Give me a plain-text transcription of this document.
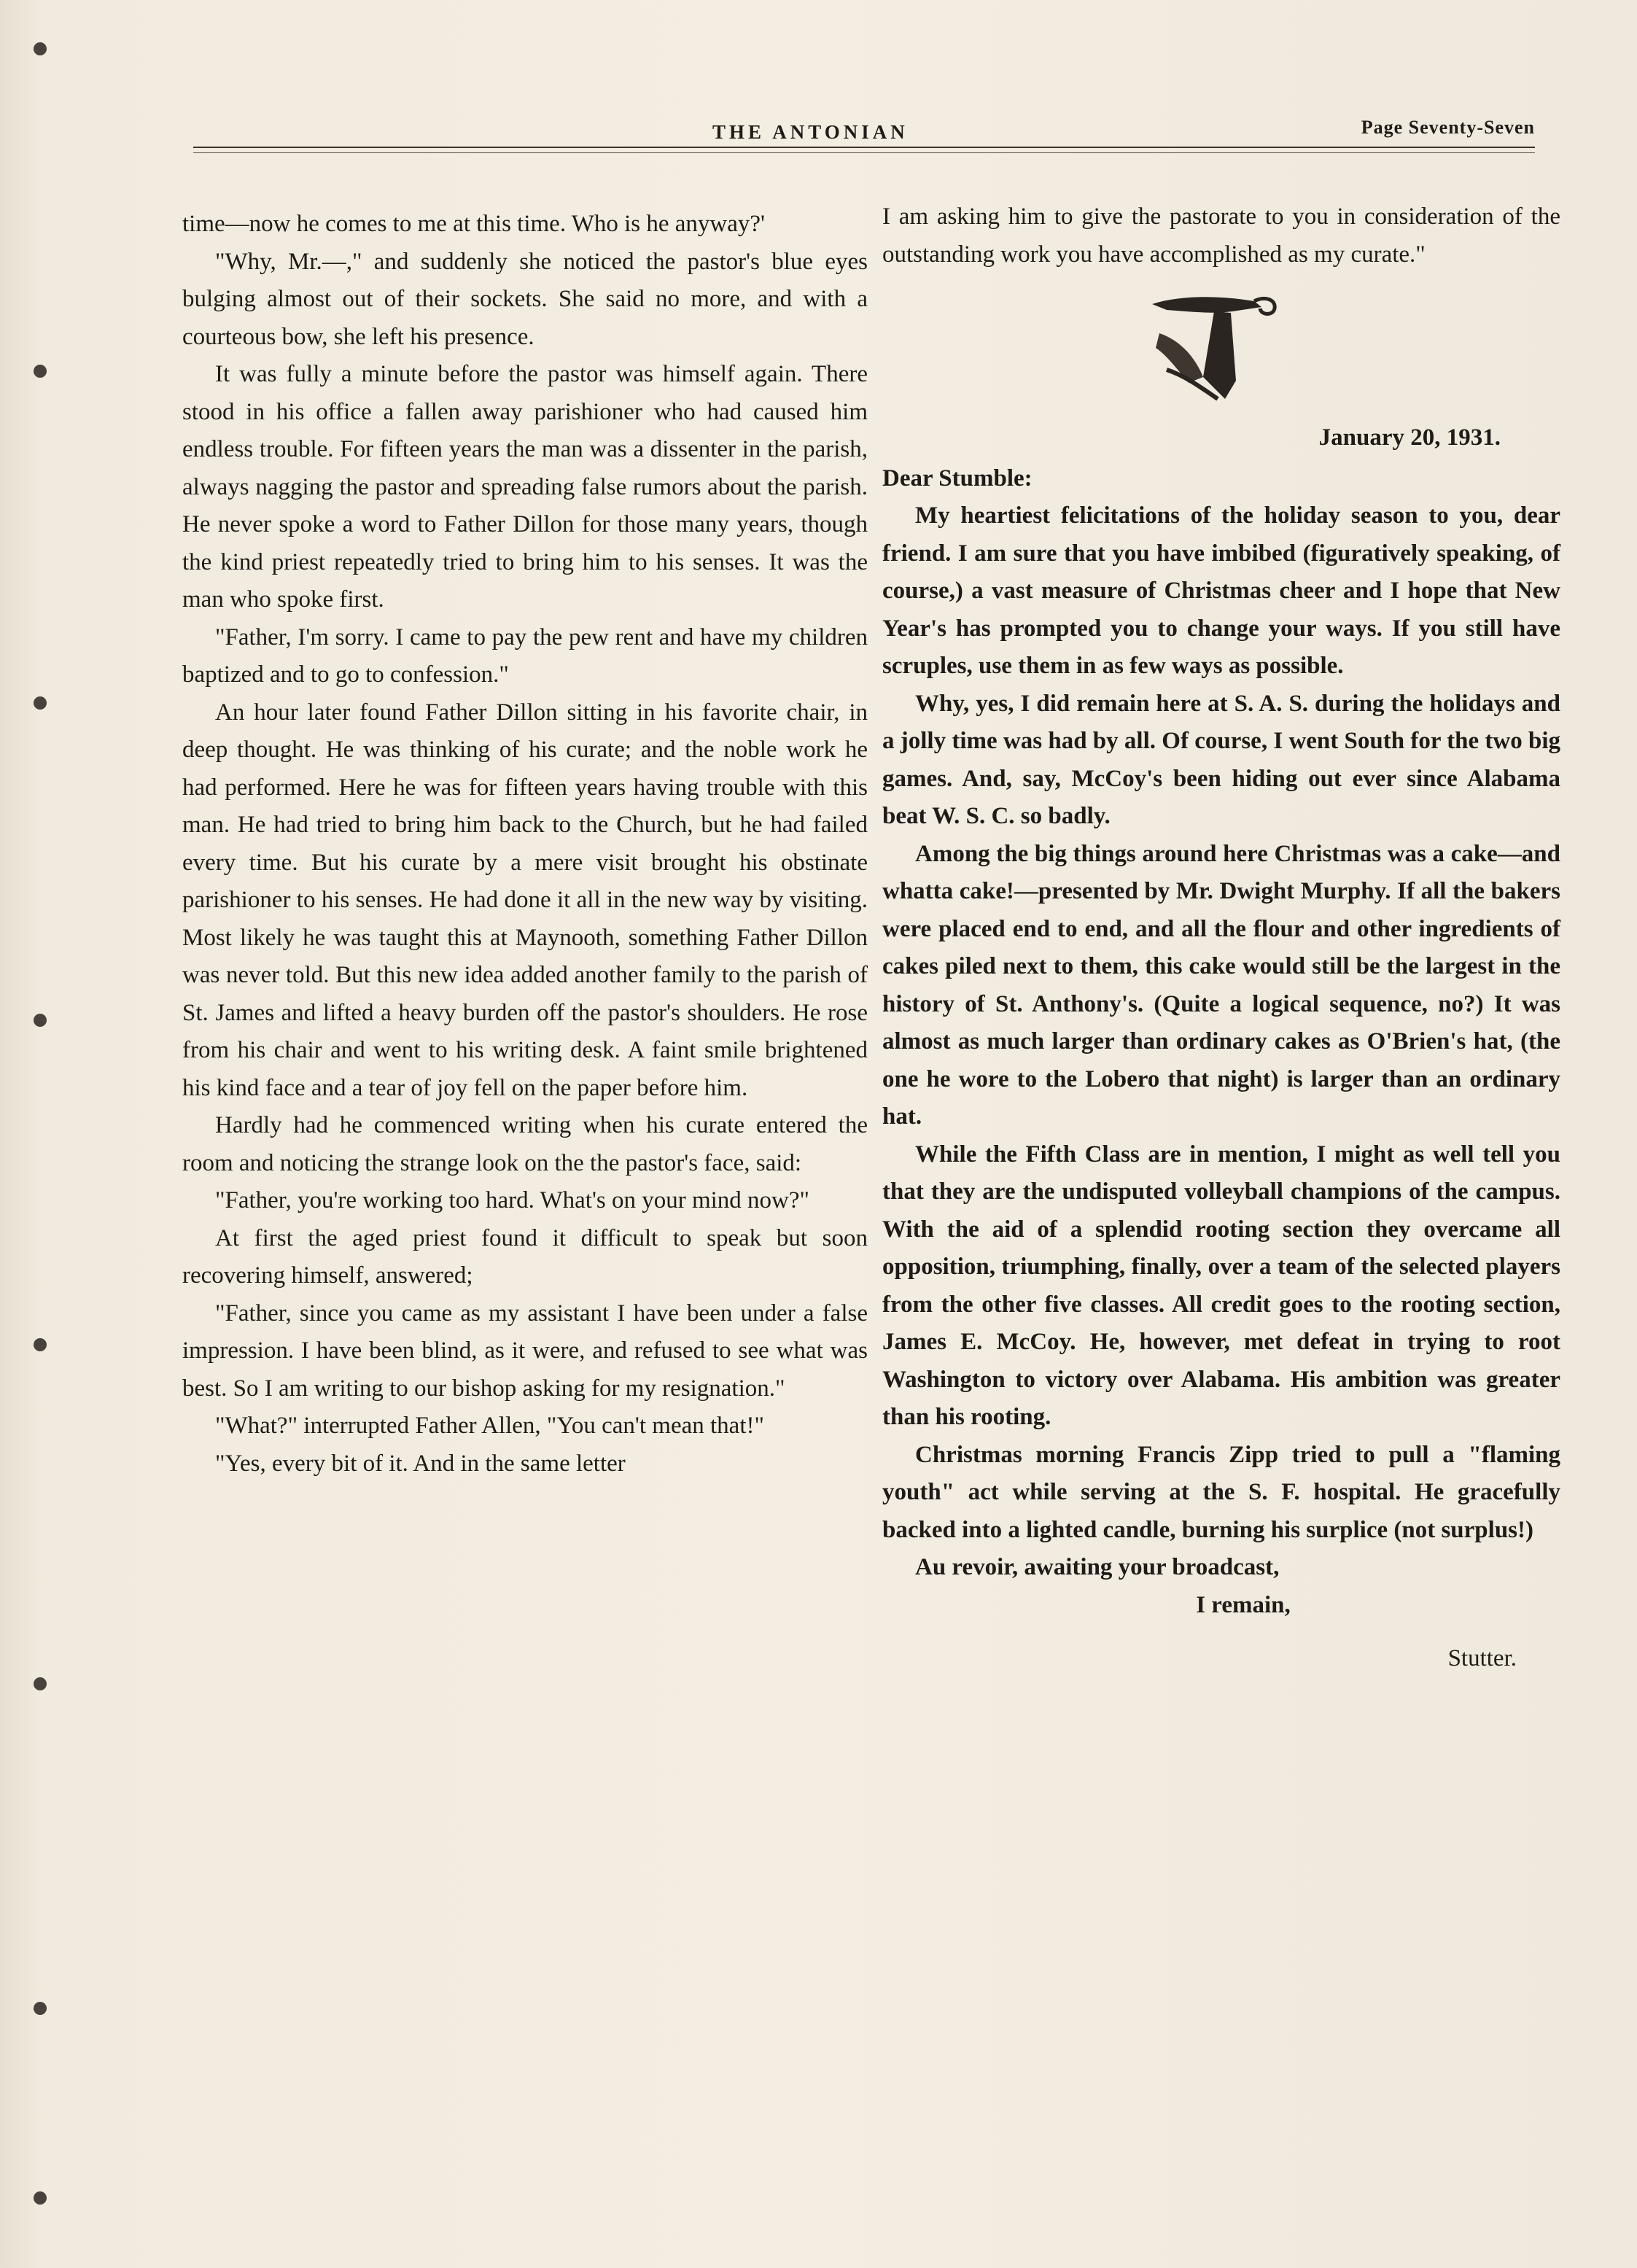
THE ANTONIAN	Page Seventy-Seven

time—now he comes to me at this time. Who is he anyway?'

"Why, Mr.—," and suddenly she noticed the pastor's blue eyes bulging almost out of their sockets. She said no more, and with a courteous bow, she left his presence.

It was fully a minute before the pastor was himself again. There stood in his office a fallen away parishioner who had caused him endless trouble. For fifteen years the man was a dissenter in the parish, always nagging the pastor and spreading false rumors about the parish. He never spoke a word to Father Dillon for those many years, though the kind priest repeatedly tried to bring him to his senses. It was the man who spoke first.

"Father, I'm sorry. I came to pay the pew rent and have my children baptized and to go to confession."

An hour later found Father Dillon sitting in his favorite chair, in deep thought. He was thinking of his curate; and the noble work he had performed. Here he was for fifteen years having trouble with this man. He had tried to bring him back to the Church, but he had failed every time. But his curate by a mere visit brought his obstinate parishioner to his senses. He had done it all in the new way by visiting. Most likely he was taught this at Maynooth, something Father Dillon was never told. But this new idea added another family to the parish of St. James and lifted a heavy burden off the pastor's shoulders. He rose from his chair and went to his writing desk. A faint smile brightened his kind face and a tear of joy fell on the paper before him.

Hardly had he commenced writing when his curate entered the room and noticing the strange look on the the pastor's face, said:

"Father, you're working too hard. What's on your mind now?"

At first the aged priest found it difficult to speak but soon recovering himself, answered;

"Father, since you came as my assistant I have been under a false impression. I have been blind, as it were, and refused to see what was best. So I am writing to our bishop asking for my resignation."

"What?" interrupted Father Allen, "You can't mean that!"

"Yes, every bit of it. And in the same letter

I am asking him to give the pastorate to you in consideration of the outstanding work you have accomplished as my curate."

January 20, 1931.

Dear Stumble:

My heartiest felicitations of the holiday season to you, dear friend. I am sure that you have imbibed (figuratively speaking, of course,) a vast measure of Christmas cheer and I hope that New Year's has prompted you to change your ways. If you still have scruples, use them in as few ways as possible.

Why, yes, I did remain here at S. A. S. during the holidays and a jolly time was had by all. Of course, I went South for the two big games. And, say, McCoy's been hiding out ever since Alabama beat W. S. C. so badly.

Among the big things around here Christmas was a cake—and whatta cake!—presented by Mr. Dwight Murphy. If all the bakers were placed end to end, and all the flour and other ingredients of cakes piled next to them, this cake would still be the largest in the history of St. Anthony's. (Quite a logical sequence, no?) It was almost as much larger than ordinary cakes as O'Brien's hat, (the one he wore to the Lobero that night) is larger than an ordinary hat.

While the Fifth Class are in mention, I might as well tell you that they are the undisputed volleyball champions of the campus. With the aid of a splendid rooting section they overcame all opposition, triumphing, finally, over a team of the selected players from the other five classes. All credit goes to the rooting section, James E. McCoy. He, however, met defeat in trying to root Washington to victory over Alabama. His ambition was greater than his rooting.

Christmas morning Francis Zipp tried to pull a "flaming youth" act while serving at the S. F. hospital. He gracefully backed into a lighted candle, burning his surplice (not surplus!)

Au revoir, awaiting your broadcast,

I remain,

Stutter.
